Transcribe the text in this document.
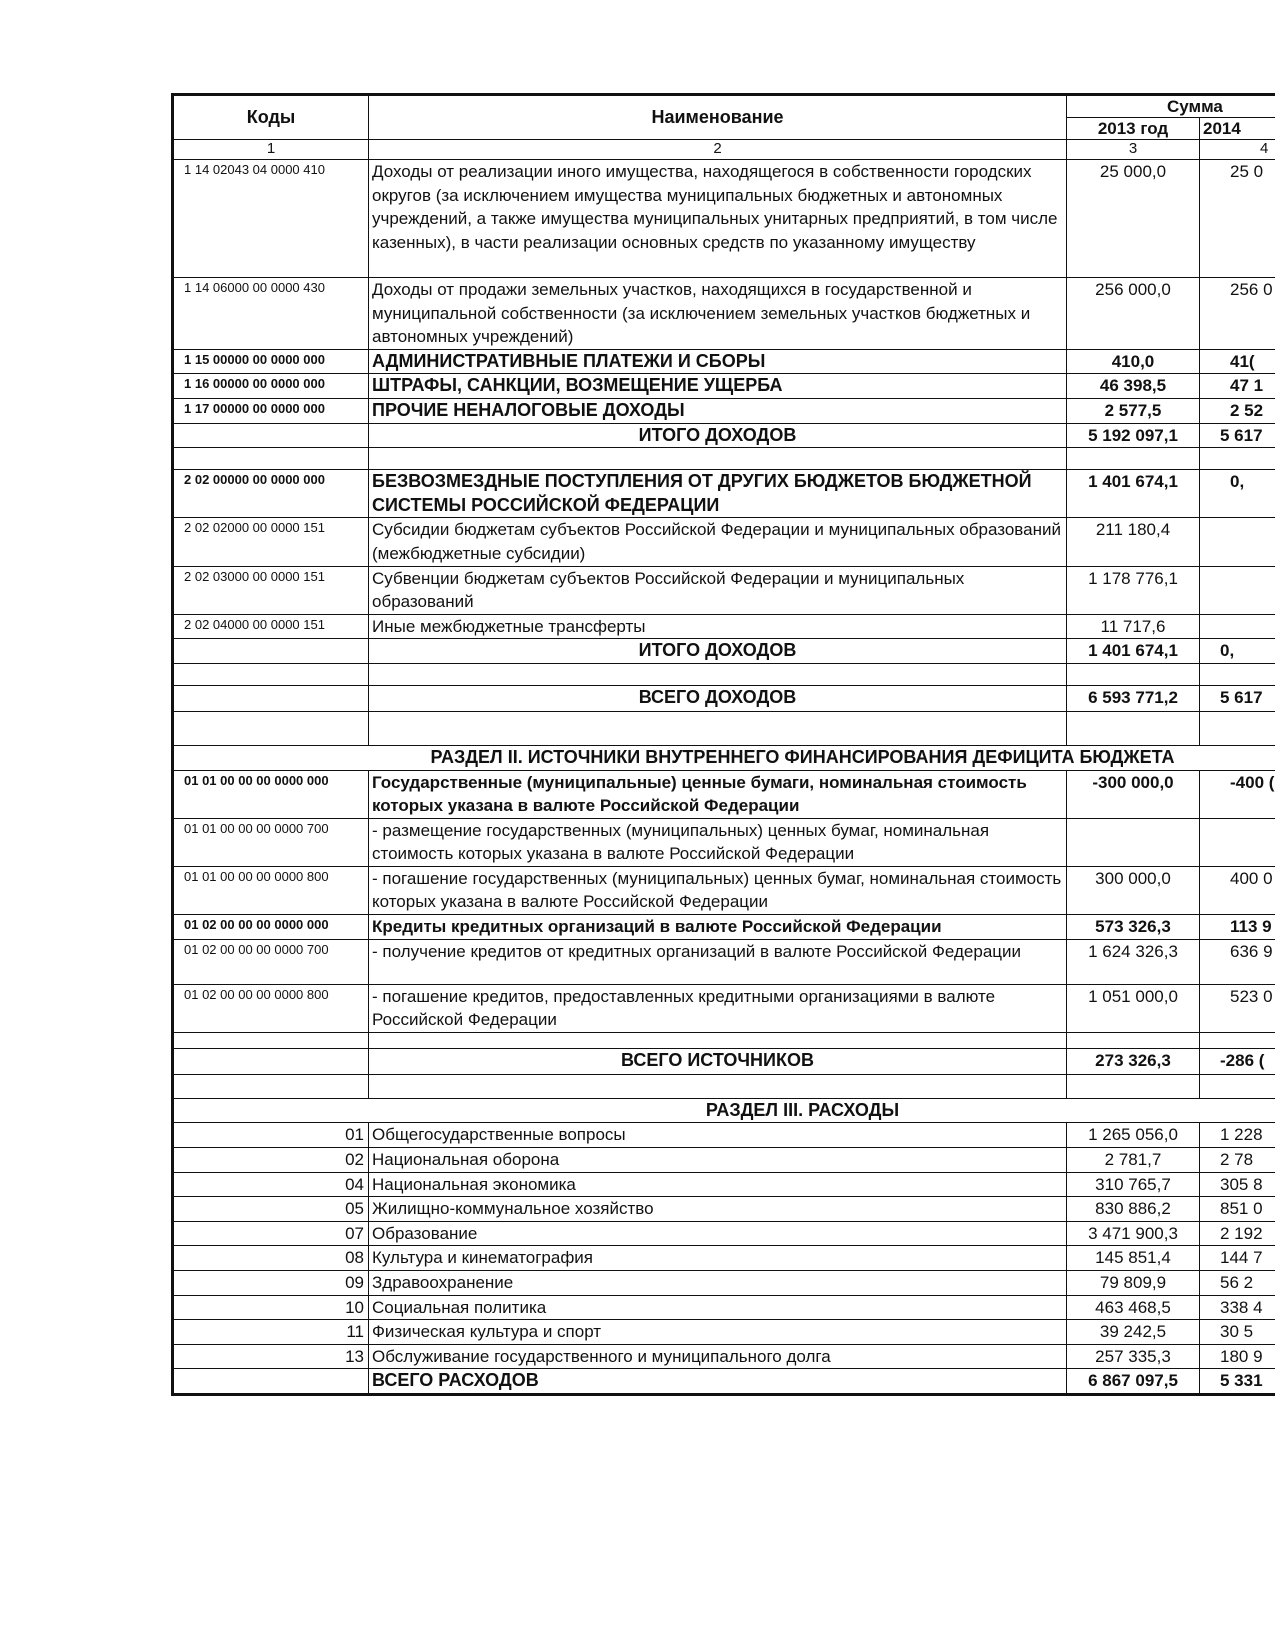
Коды	Наименование	Сумма	
		2013 год	2014
1	2	3	4
1 14 02043 04 0000 410	Доходы от реализации иного имущества, находящегося в собственности городских округов (за исключением имущества муниципальных бюджетных и автономных учреждений, а также имущества муниципальных унитарных предприятий, в том числе казенных), в части реализации основных средств по указанному имуществу	25 000,0	25 0
1 14 06000 00 0000 430	Доходы от продажи земельных участков, находящихся в государственной и муниципальной собственности (за исключением земельных участков бюджетных и автономных учреждений)	256 000,0	256 0
1 15 00000 00 0000 000	АДМИНИСТРАТИВНЫЕ ПЛАТЕЖИ И СБОРЫ	410,0	41(
1 16 00000 00 0000 000	ШТРАФЫ, САНКЦИИ, ВОЗМЕЩЕНИЕ УЩЕРБА	46 398,5	47 1
1 17 00000 00 0000 000	ПРОЧИЕ НЕНАЛОГОВЫЕ ДОХОДЫ	2 577,5	2 52
	ИТОГО ДОХОДОВ	5 192 097,1	5 617

2 02 00000 00 0000 000	БЕЗВОЗМЕЗДНЫЕ ПОСТУПЛЕНИЯ ОТ ДРУГИХ БЮДЖЕТОВ БЮДЖЕТНОЙ СИСТЕМЫ РОССИЙСКОЙ ФЕДЕРАЦИИ	1 401 674,1	0,
2 02 02000 00 0000 151	Субсидии бюджетам субъектов Российской Федерации и муниципальных образований (межбюджетные субсидии)	211 180,4	
2 02 03000 00 0000 151	Субвенции бюджетам субъектов Российской Федерации и муниципальных образований	1 178 776,1	
2 02 04000 00 0000 151	Иные межбюджетные трансферты	11 717,6	
	ИТОГО ДОХОДОВ	1 401 674,1	0,

	ВСЕГО ДОХОДОВ	6 593 771,2	5 617

РАЗДЕЛ II. ИСТОЧНИКИ ВНУТРЕННЕГО ФИНАНСИРОВАНИЯ ДЕФИЦИТА БЮДЖЕТА			
01 01 00 00 00 0000 000	Государственные (муниципальные) ценные бумаги, номинальная стоимость которых указана в валюте Российской Федерации	-300 000,0	-400 (
01 01 00 00 00 0000 700	- размещение государственных (муниципальных) ценных бумаг, номинальная стоимость которых указана в валюте Российской Федерации		
01 01 00 00 00 0000 800	- погашение государственных (муниципальных) ценных бумаг, номинальная стоимость которых указана в валюте Российской Федерации	300 000,0	400 0
01 02 00 00 00 0000 000	Кредиты кредитных организаций в валюте Российской Федерации	573 326,3	113 9
01 02 00 00 00 0000 700	- получение кредитов от кредитных организаций в валюте Российской Федерации	1 624 326,3	636 9
01 02 00 00 00 0000 800	- погашение кредитов, предоставленных кредитными организациями в валюте Российской Федерации	1 051 000,0	523 0

	ВСЕГО ИСТОЧНИКОВ	273 326,3	-286 (

РАЗДЕЛ III. РАСХОДЫ			
01	Общегосударственные вопросы	1 265 056,0	1 228
02	Национальная оборона	2 781,7	2 78
04	Национальная экономика	310 765,7	305 8
05	Жилищно-коммунальное хозяйство	830 886,2	851 0
07	Образование	3 471 900,3	2 192
08	Культура и кинематография	145 851,4	144 7
09	Здравоохранение	79 809,9	56 2
10	Социальная политика	463 468,5	338 4
11	Физическая культура и спорт	39 242,5	30 5
13	Обслуживание государственного и муниципального долга	257 335,3	180 9
	ВСЕГО РАСХОДОВ	6 867 097,5	5 331
